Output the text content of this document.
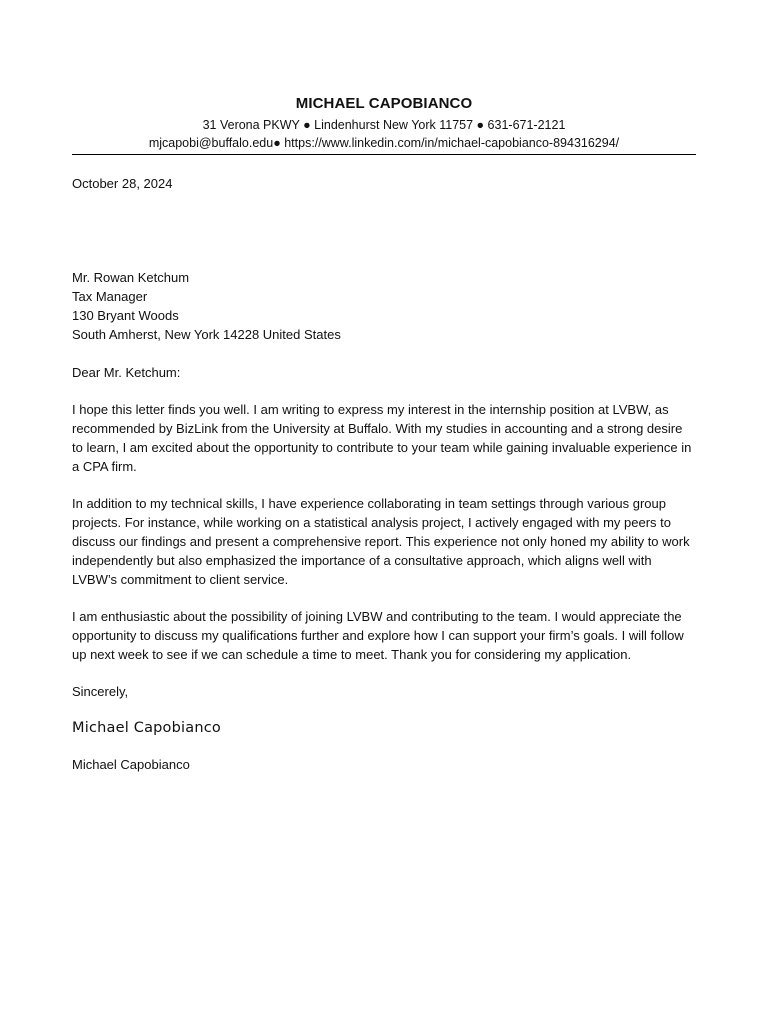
MICHAEL CAPOBIANCO
31 Verona PKWY ● Lindenhurst New York 11757 ● 631-671-2121
mjcapobi@buffalo.edu● https://www.linkedin.com/in/michael-capobianco-894316294/
October 28, 2024
Mr. Rowan Ketchum
Tax Manager
130 Bryant Woods
South Amherst, New York 14228 United States
Dear Mr. Ketchum:
I hope this letter finds you well. I am writing to express my interest in the internship position at LVBW, as recommended by BizLink from the University at Buffalo. With my studies in accounting and a strong desire to learn, I am excited about the opportunity to contribute to your team while gaining invaluable experience in a CPA firm.
In addition to my technical skills, I have experience collaborating in team settings through various group projects. For instance, while working on a statistical analysis project, I actively engaged with my peers to discuss our findings and present a comprehensive report. This experience not only honed my ability to work independently but also emphasized the importance of a consultative approach, which aligns well with LVBW’s commitment to client service.
I am enthusiastic about the possibility of joining LVBW and contributing to the team. I would appreciate the opportunity to discuss my qualifications further and explore how I can support your firm’s goals. I will follow up next week to see if we can schedule a time to meet. Thank you for considering my application.
Sincerely,
Michael Capobianco
Michael Capobianco
